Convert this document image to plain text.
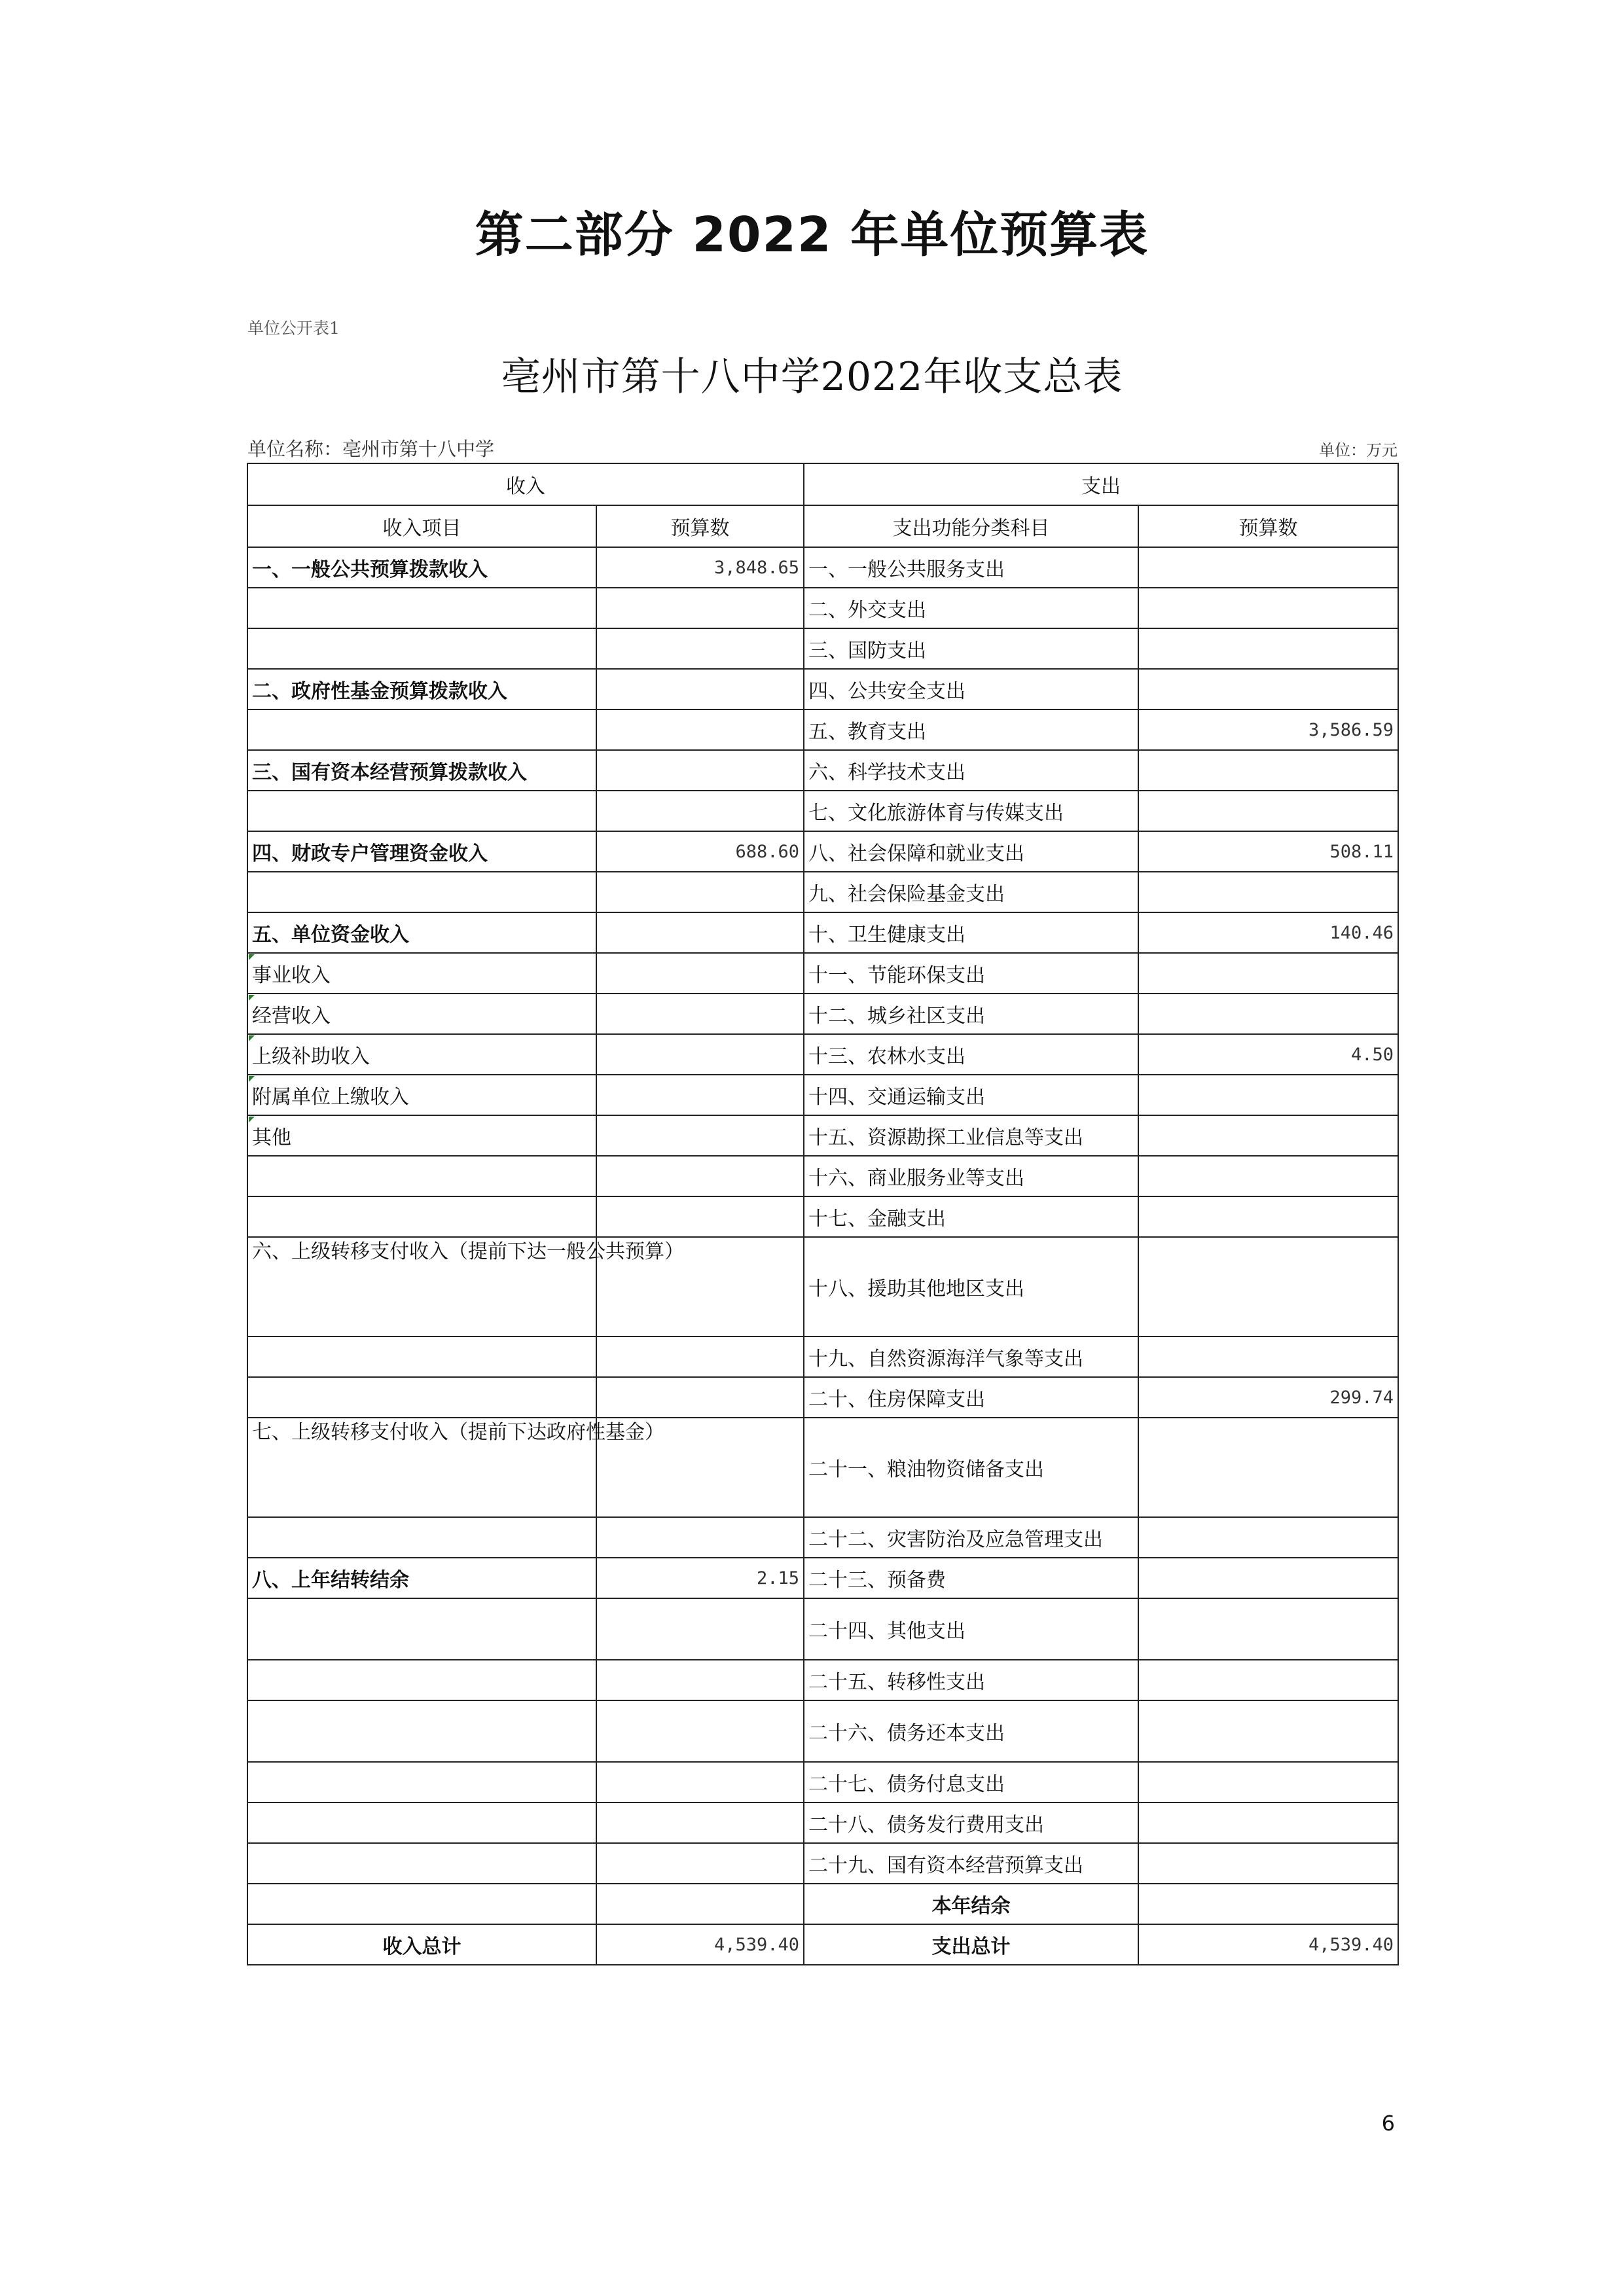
第二部分 2022 年单位预算表
单位公开表1
亳州市第十八中学2022年收支总表
单位名称：亳州市第十八中学	单位：万元
收入		支出	
收入项目	预算数	支出功能分类科目	预算数
一、一般公共预算拨款收入	3,848.65	一、一般公共服务支出	
		二、外交支出	
		三、国防支出	
二、政府性基金预算拨款收入		四、公共安全支出	
		五、教育支出	3,586.59
三、国有资本经营预算拨款收入		六、科学技术支出	
		七、文化旅游体育与传媒支出	
四、财政专户管理资金收入	688.60	八、社会保障和就业支出	508.11
		九、社会保险基金支出	
五、单位资金收入		十、卫生健康支出	140.46
事业收入		十一、节能环保支出	
经营收入		十二、城乡社区支出	
上级补助收入		十三、农林水支出	4.50
附属单位上缴收入		十四、交通运输支出	
其他		十五、资源勘探工业信息等支出	
		十六、商业服务业等支出	
		十七、金融支出	
六、上级转移支付收入（提前下达一般公共预算）		十八、援助其他地区支出	
		十九、自然资源海洋气象等支出	
		二十、住房保障支出	299.74
七、上级转移支付收入（提前下达政府性基金）		二十一、粮油物资储备支出	
		二十二、灾害防治及应急管理支出	
八、上年结转结余	2.15	二十三、预备费	
		二十四、其他支出	
		二十五、转移性支出	
		二十六、债务还本支出	
		二十七、债务付息支出	
		二十八、债务发行费用支出	
		二十九、国有资本经营预算支出	
		本年结余	
收入总计	4,539.40	支出总计	4,539.40
6
